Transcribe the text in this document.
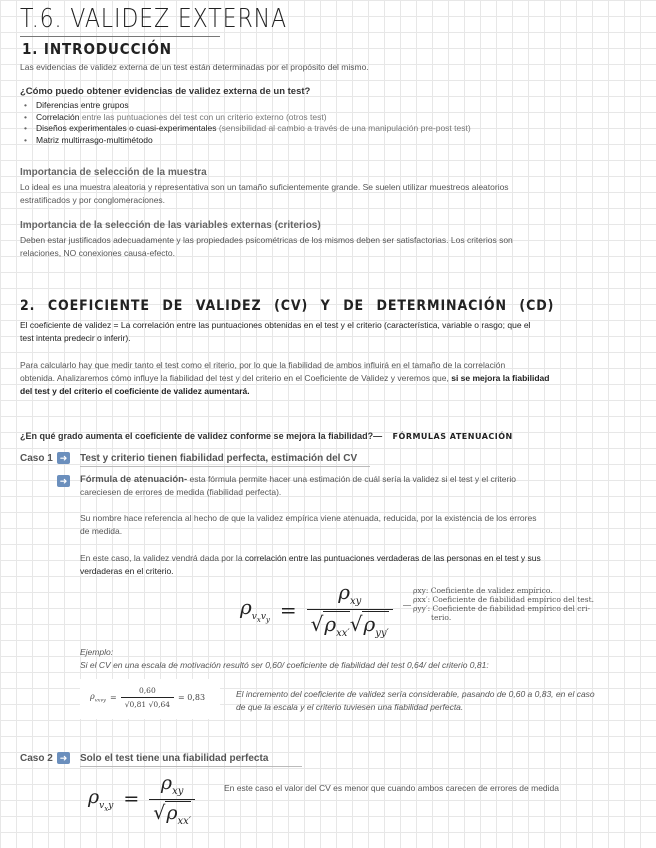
T.6. VALIDEZ EXTERNA
1. INTRODUCCIÓN
Las evidencias de validez externa de un test están determinadas por el propósito del mismo.
¿Cómo puedo obtener evidencias de validez externa de un test?
• Diferencias entre grupos
• Correlación entre las puntuaciones del test con un criterio externo (otros test)
• Diseños experimentales o cuasi-experimentales (sensibilidad al cambio a través de una manipulación pre-post test)
• Matriz multirrasgo-multimétodo
Importancia de selección de la muestra
Lo ideal es una muestra aleatoria y representativa son un tamaño suficientemente grande. Se suelen utilizar muestreos aleatorios
estratificados y por conglomeraciones.
Importancia de la selección de las variables externas (criterios)
Deben estar justificados adecuadamente y las propiedades psicométricas de los mismos deben ser satisfactorias. Los criterios son
relaciones, NO conexiones causa-efecto.
2. COEFICIENTE DE VALIDEZ (CV) Y DE DETERMINACIÓN (CD)
El coeficiente de validez = La correlación entre las puntuaciones obtenidas en el test y el criterio (característica, variable o rasgo; que el
test intenta predecir o inferir).
Para calcularlo hay que medir tanto el test como el riterio, por lo que la fiabilidad de ambos influirá en el tamaño de la correlación
obtenida. Analizaremos cómo influye la fiabilidad del test y del criterio en el Coeficiente de Validez y veremos que, si se mejora la fiabilidad
del test y del criterio el coeficiente de validez aumentará.
¿En qué grado aumenta el coeficiente de validez conforme se mejora la fiabilidad?— FÓRMULAS ATENUACIÓN
Caso 1 ➜ Test y criterio tienen fiabilidad perfecta, estimación del CV
➜ Fórmula de atenuación- esta fórmula permite hacer una estimación de cuál sería la validez si el test y el criterio
careciesen de errores de medida (fiabilidad perfecta).
Su nombre hace referencia al hecho de que la validez empírica viene atenuada, reducida, por la existencia de los errores
de medida.
En este caso, la validez vendrá dada por la correlación entre las puntuaciones verdaderas de las personas en el test y sus
verdaderas en el criterio.
$\rho_{v_xv_y} = \frac{\rho_{xy}}{√\rho_{xx'}√\rho_{yy'}}$	ρxy: Coeficiente de validez empírico.
ρxx′: Coeficiente de fiabilidad empírico del test.
ρyy′: Coeficiente de fiabilidad empírico del cri-
terio.
Ejemplo:
Si el CV en una escala de motivación resultó ser 0,60/ coeficiente de fiabilidad del test 0,64/ del criterio 0,81:
$\rho_{vxvy} = \frac{0,60}{√0,81 √0,64} = 0,83$	El incremento del coeficiente de validez sería considerable, pasando de 0,60 a 0,83, en el caso
de que la escala y el criterio tuviesen una fiabilidad perfecta.
Caso 2 ➜ Solo el test tiene una fiabilidad perfecta
$\rho_{v_xy} = \frac{\rho_{xy}}{√\rho_{xx'}}$	En este caso el valor del CV es menor que cuando ambos carecen de errores de medida
